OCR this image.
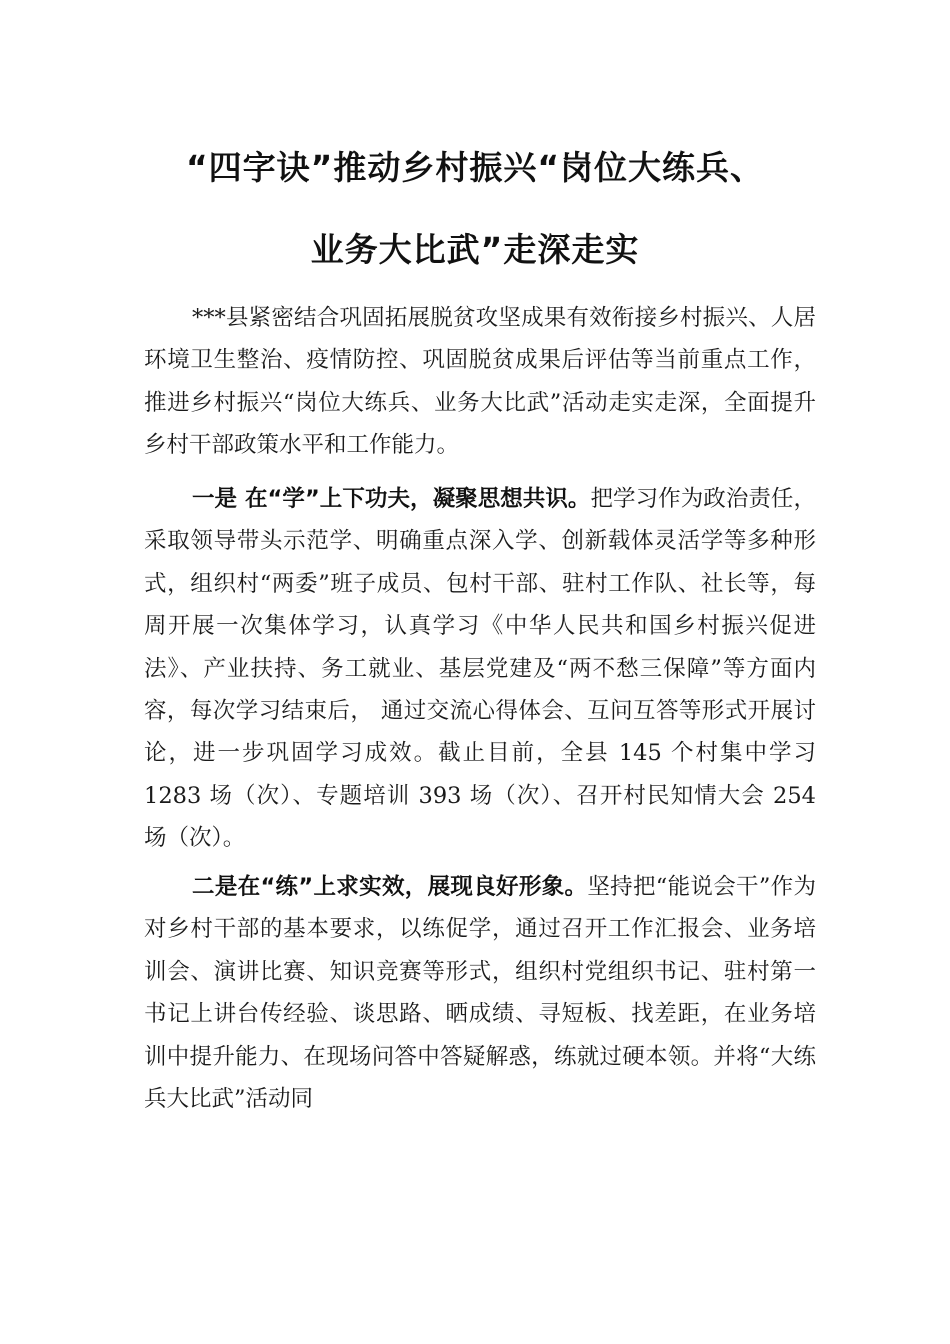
“四字诀”推动乡村振兴“岗位大练兵、
业务大比武”走深走实

***县紧密结合巩固拓展脱贫攻坚成果有效衔接乡村振兴、人居环境卫生整治、疫情防控、巩固脱贫成果后评估等当前重点工作，推进乡村振兴“岗位大练兵、业务大比武”活动走实走深，全面提升乡村干部政策水平和工作能力。

一是 在“学”上下功夫，凝聚思想共识。把学习作为政治责任，采取领导带头示范学、明确重点深入学、创新载体灵活学等多种形式，组织村“两委”班子成员、包村干部、驻村工作队、社长等，每周开展一次集体学习，认真学习《中华人民共和国乡村振兴促进法》、产业扶持、务工就业、基层党建及“两不愁三保障”等方面内容，每次学习结束后， 通过交流心得体会、互问互答等形式开展讨论，进一步巩固学习成效。截止目前，全县 145 个村集中学习 1283 场（次）、专题培训 393 场（次）、召开村民知情大会 254 场（次）。

二是在“练”上求实效，展现良好形象。坚持把“能说会干”作为对乡村干部的基本要求，以练促学，通过召开工作汇报会、业务培训会、演讲比赛、知识竞赛等形式，组织村党组织书记、驻村第一书记上讲台传经验、谈思路、晒成绩、寻短板、找差距，在业务培训中提升能力、在现场问答中答疑解惑，练就过硬本领。并将“大练兵大比武”活动同
